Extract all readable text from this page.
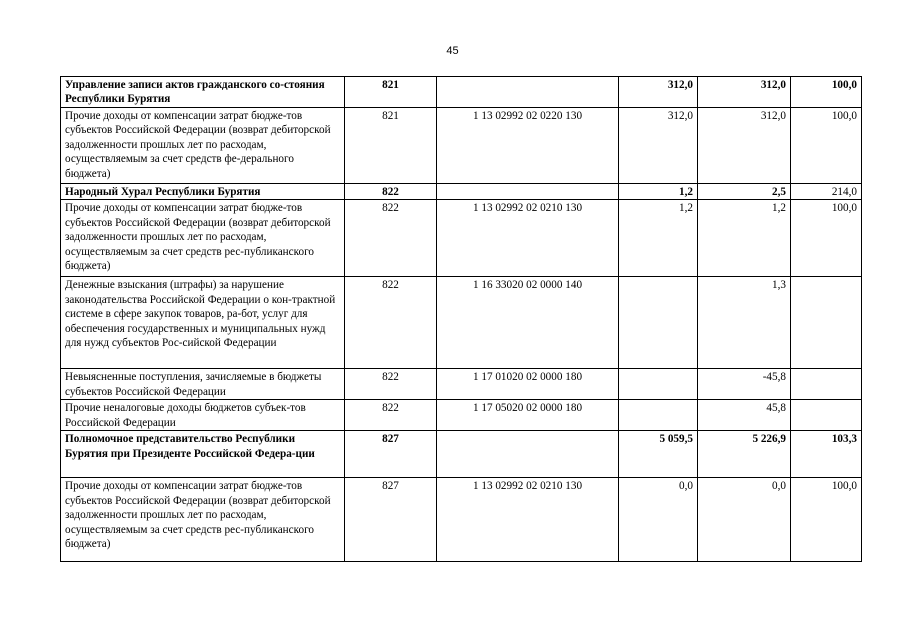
45
Управление записи актов гражданского со-стояния Республики Бурятия	821		312,0	312,0	100,0
Прочие доходы от компенсации затрат бюдже-тов субъектов Российской Федерации (возврат дебиторской задолженности прошлых лет по расходам, осуществляемым за счет средств фе-дерального бюджета)	821	1 13 02992 02 0220 130	312,0	312,0	100,0
Народный Хурал Республики Бурятия	822		1,2	2,5	214,0
Прочие доходы от компенсации затрат бюдже-тов субъектов Российской Федерации (возврат дебиторской задолженности прошлых лет по расходам, осуществляемым за счет средств рес-публиканского бюджета)	822	1 13 02992 02 0210 130	1,2	1,2	100,0
Денежные взыскания (штрафы) за нарушение законодательства Российской Федерации о кон-трактной системе в сфере закупок товаров, ра-бот, услуг для обеспечения государственных и муниципальных нужд для нужд субъектов Рос-сийской Федерации	822	1 16 33020 02 0000 140		1,3	
Невыясненные поступления, зачисляемые в бюджеты субъектов Российской Федерации	822	1 17 01020 02 0000 180		-45,8	
Прочие неналоговые доходы бюджетов субъек-тов Российской Федерации	822	1 17 05020 02 0000 180		45,8	
Полномочное представительство Республики Бурятия при Президенте Российской Федера-ции	827		5 059,5	5 226,9	103,3
Прочие доходы от компенсации затрат бюдже-тов субъектов Российской Федерации (возврат дебиторской задолженности прошлых лет по расходам, осуществляемым за счет средств рес-публиканского бюджета)	827	1 13 02992 02 0210 130	0,0	0,0	100,0
